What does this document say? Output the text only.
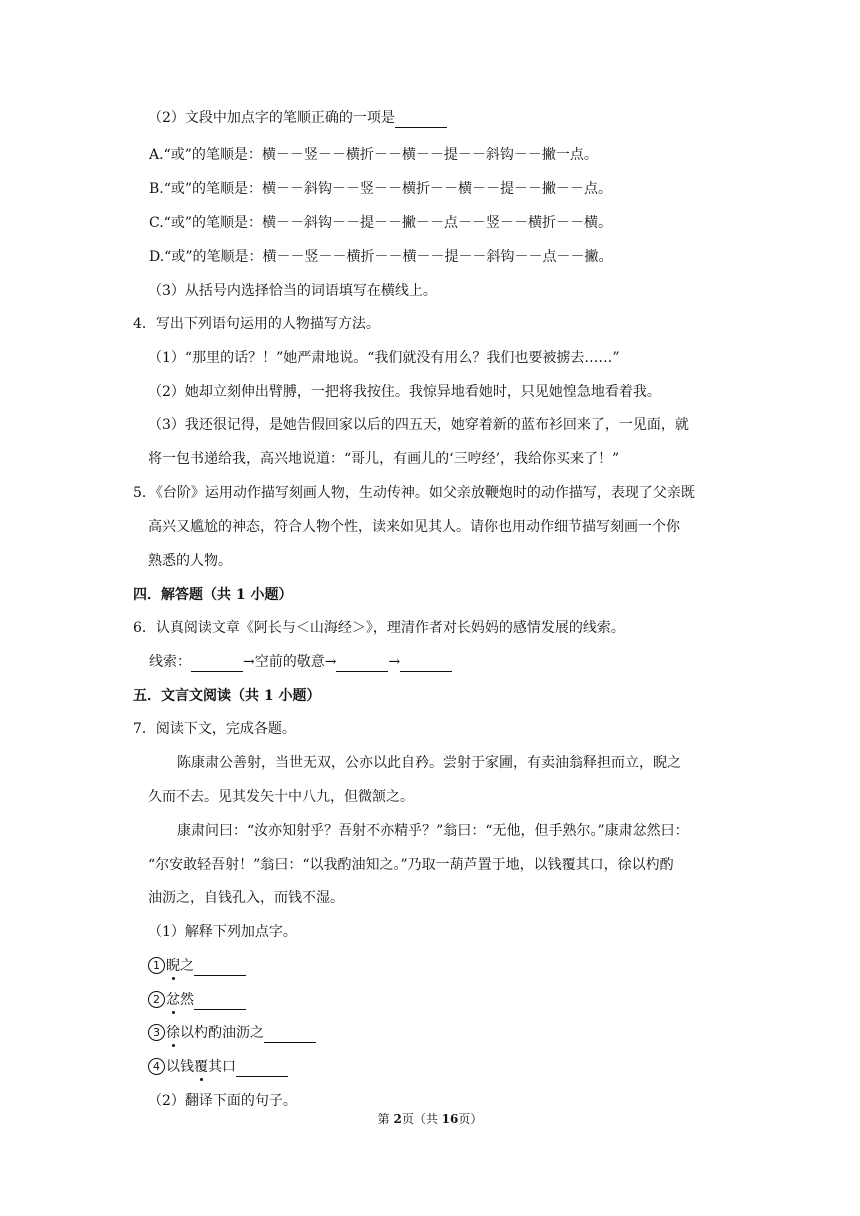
（2）文段中加点字的笔顺正确的一项是
A.“或”的笔顺是：横－－竖－－横折－－横－－提－－斜钩－－撇一点。
B.“或”的笔顺是：横－－斜钩－－竖－－横折－－横－－提－－撇－－点。
C.“或”的笔顺是：横－－斜钩－－提－－撇－－点－－竖－－横折－－横。
D.“或”的笔顺是：横－－竖－－横折－－横－－提－－斜钩－－点－－撇。
（3）从括号内选择恰当的词语填写在横线上。
4．写出下列语句运用的人物描写方法。
（1）“那里的话？！”她严肃地说。“我们就没有用么？我们也要被掳去……”
（2）她却立刻伸出臂膊，一把将我按住。我惊异地看她时，只见她惶急地看着我。
（3）我还很记得，是她告假回家以后的四五天，她穿着新的蓝布衫回来了，一见面，就
将一包书递给我，高兴地说道：“哥儿，有画儿的‘三哼经’，我给你买来了！”
5．《台阶》运用动作描写刻画人物，生动传神。如父亲放鞭炮时的动作描写，表现了父亲既
高兴又尴尬的神态，符合人物个性，读来如见其人。请你也用动作细节描写刻画一个你
熟悉的人物。
四．解答题（共 1 小题）
6．认真阅读文章《阿长与＜山海经＞》，理清作者对长妈妈的感情发展的线索。
线索：	→空前的敬意→	→
五．文言文阅读（共 1 小题）
7．阅读下文，完成各题。
陈康肃公善射，当世无双，公亦以此自矜。尝射于家圃，有卖油翁释担而立，睨之
久而不去。见其发矢十中八九，但微颔之。
康肃问曰：“汝亦知射乎？吾射不亦精乎？”翁曰：“无他，但手熟尔。”康肃忿然曰：
“尔安敢轻吾射！”翁曰：“以我酌油知之。”乃取一葫芦置于地，以钱覆其口，徐以杓酌
油沥之，自钱孔入，而钱不湿。
（1）解释下列加点字。
1 睨之
2 忿然
3 徐以杓酌油沥之
4 以钱覆其口
（2）翻译下面的句子。
第 2页（共 16页）
